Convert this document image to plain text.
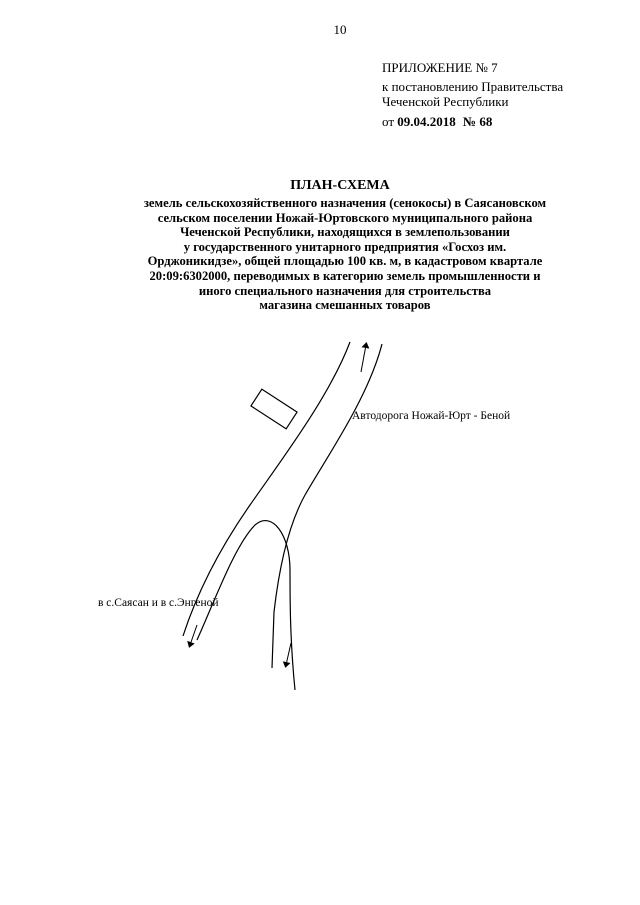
10
ПРИЛОЖЕНИЕ № 7
к постановлению Правительства
Чеченской Республики
от 09.04.2018 № 68
ПЛАН-СХЕМА
земель сельскохозяйственного назначения (сенокосы) в Саясановском
сельском поселении Ножай-Юртовского муниципального района
Чеченской Республики, находящихся в землепользовании
у государственного унитарного предприятия «Госхоз им.
Орджоникидзе», общей площадью 100 кв. м, в кадастровом квартале
20:09:6302000, переводимых в категорию земель промышленности и
иного специального назначения для строительства
магазина смешанных товаров
Автодорога Ножай-Юрт - Беной
в с.Саясан и в с.Энгеной
